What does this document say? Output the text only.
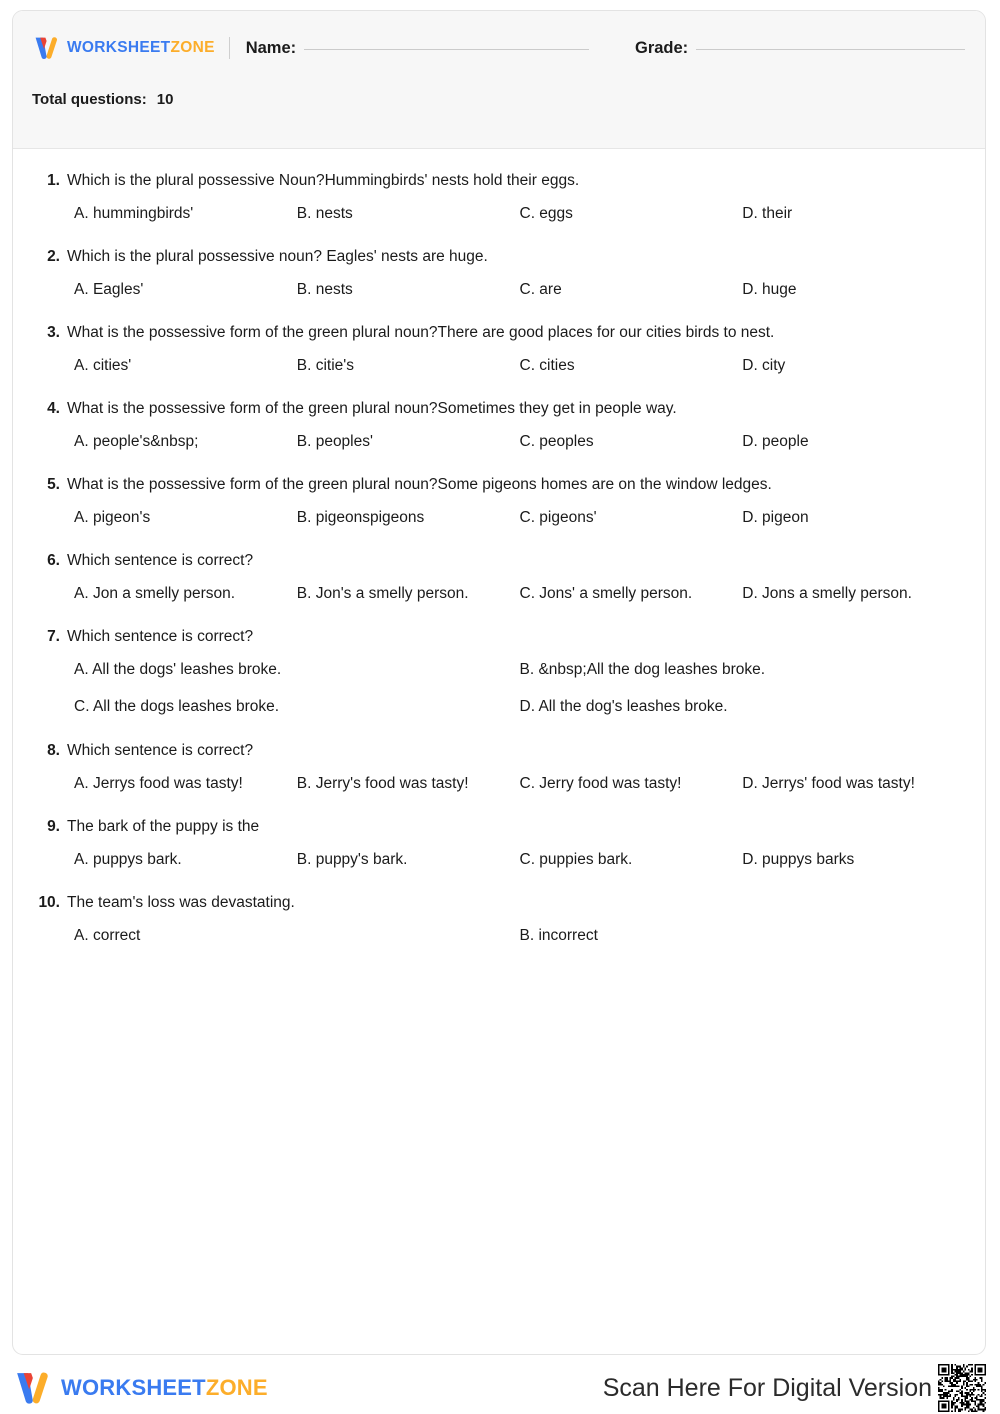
WORKSHEETZONE Name:	Grade:
Total questions: 10
1. Which is the plural possessive Noun?Hummingbirds' nests hold their eggs.
A. hummingbirds'	B. nests	C. eggs	D. their
2. Which is the plural possessive noun? Eagles' nests are huge.
A. Eagles'	B. nests	C. are	D. huge
3. What is the possessive form of the green plural noun?There are good places for our cities birds to nest.
A. cities'	B. citie's	C. cities	D. city
4. What is the possessive form of the green plural noun?Sometimes they get in people way.
A. people's&nbsp;	B. peoples'	C. peoples	D. people
5. What is the possessive form of the green plural noun?Some pigeons homes are on the window ledges.
A. pigeon's	B. pigeonspigeons	C. pigeons'	D. pigeon
6. Which sentence is correct?
A. Jon a smelly person.	B. Jon's a smelly person.	C. Jons' a smelly person.	D. Jons a smelly person.
7. Which sentence is correct?
A. All the dogs' leashes broke.	B. &nbsp;All the dog leashes broke.
C. All the dogs leashes broke.	D. All the dog's leashes broke.
8. Which sentence is correct?
A. Jerrys food was tasty!	B. Jerry's food was tasty!	C. Jerry food was tasty!	D. Jerrys' food was tasty!
9. The bark of the puppy is the
A. puppys bark.	B. puppy's bark.	C. puppies bark.	D. puppys barks
10. The team's loss was devastating.
A. correct	B. incorrect
WORKSHEETZONE	Scan Here For Digital Version
